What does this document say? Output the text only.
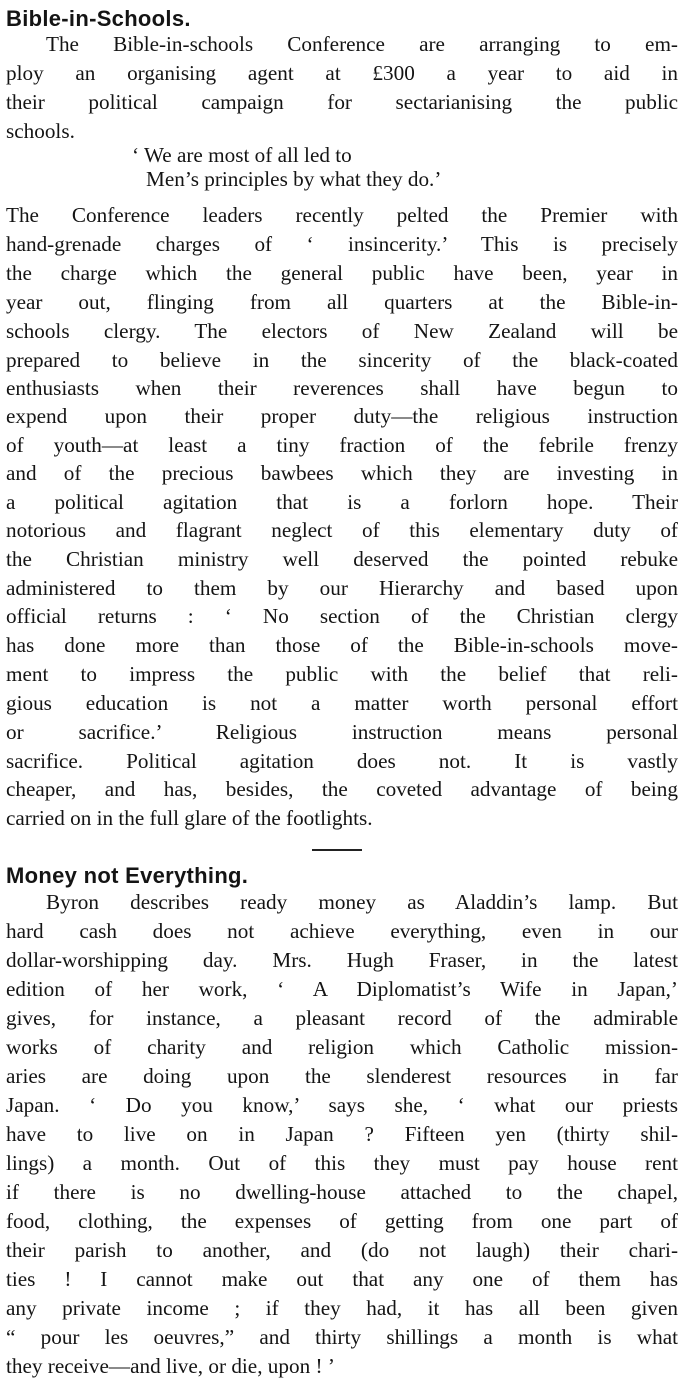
Bible-in-Schools.
The Bible-in-schools Conference are arranging to em-
ploy an organising agent at £300 a year to aid in
their political campaign for sectarianising the public
schools.
‘ We are most of all led to
Men’s principles by what they do.’
The Conference leaders recently pelted the Premier with
hand-grenade charges of ‘ insincerity.’ This is precisely
the charge which the general public have been, year in
year out, flinging from all quarters at the Bible-in-
schools clergy. The electors of New Zealand will be
prepared to believe in the sincerity of the black-coated
enthusiasts when their reverences shall have begun to
expend upon their proper duty—the religious instruction
of youth—at least a tiny fraction of the febrile frenzy
and of the precious bawbees which they are investing in
a political agitation that is a forlorn hope. Their
notorious and flagrant neglect of this elementary duty of
the Christian ministry well deserved the pointed rebuke
administered to them by our Hierarchy and based upon
official returns : ‘ No section of the Christian clergy
has done more than those of the Bible-in-schools move-
ment to impress the public with the belief that reli-
gious education is not a matter worth personal effort
or sacrifice.’ Religious instruction means personal
sacrifice. Political agitation does not. It is vastly
cheaper, and has, besides, the coveted advantage of being
carried on in the full glare of the footlights.
Money not Everything.
Byron describes ready money as Aladdin’s lamp. But
hard cash does not achieve everything, even in our
dollar-worshipping day. Mrs. Hugh Fraser, in the latest
edition of her work, ‘ A Diplomatist’s Wife in Japan,’
gives, for instance, a pleasant record of the admirable
works of charity and religion which Catholic mission-
aries are doing upon the slenderest resources in far
Japan. ‘ Do you know,’ says she, ‘ what our priests
have to live on in Japan ? Fifteen yen (thirty shil-
lings) a month. Out of this they must pay house rent
if there is no dwelling-house attached to the chapel,
food, clothing, the expenses of getting from one part of
their parish to another, and (do not laugh) their chari-
ties ! I cannot make out that any one of them has
any private income ; if they had, it has all been given
“ pour les oeuvres,” and thirty shillings a month is what
they receive—and live, or die, upon ! ’
